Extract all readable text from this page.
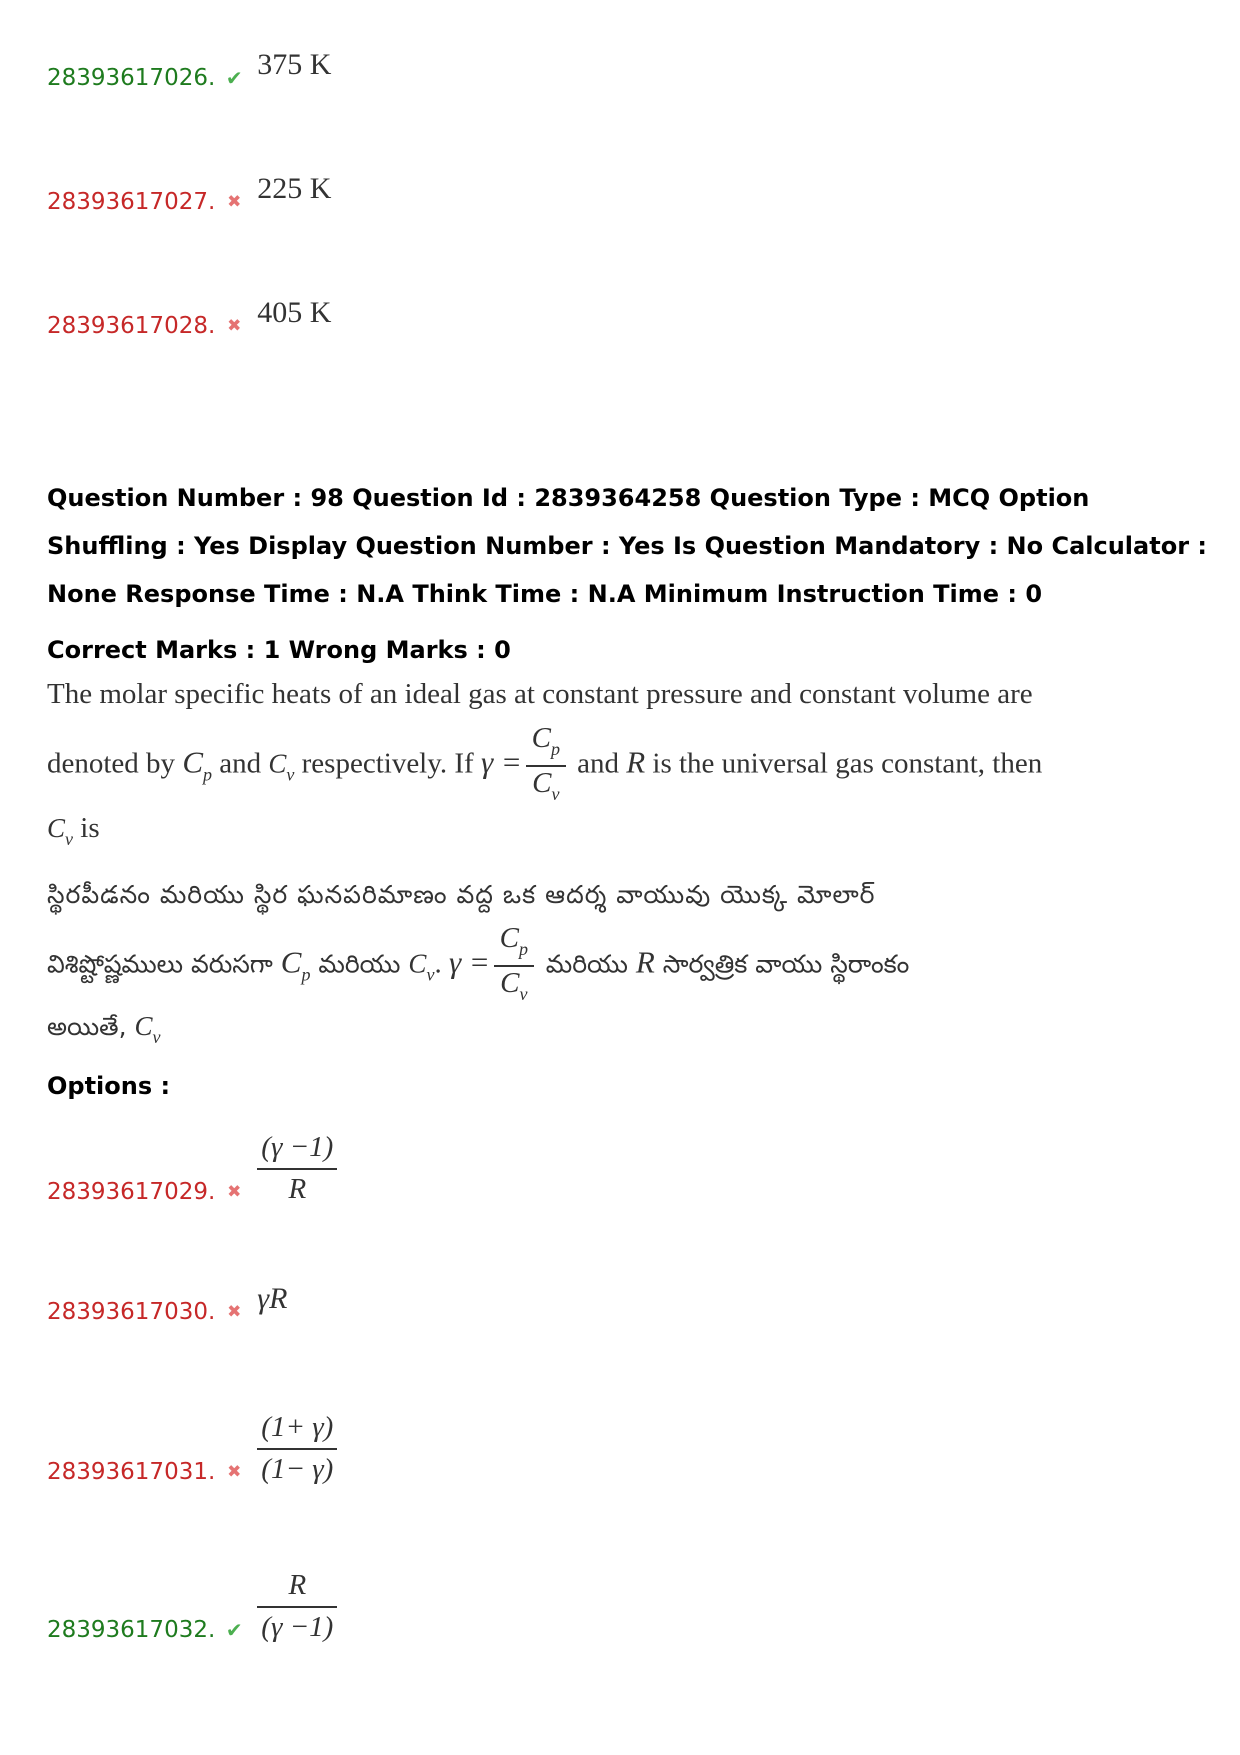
28393617026. ✔ 375 K
28393617027. ✖ 225 K
28393617028. ✖ 405 K
Question Number : 98 Question Id : 2839364258 Question Type : MCQ Option Shuffling : Yes Display Question Number : Yes Is Question Mandatory : No Calculator : None Response Time : N.A Think Time : N.A Minimum Instruction Time : 0
Correct Marks : 1 Wrong Marks : 0
The molar specific heats of an ideal gas at constant pressure and constant volume are
denoted by $C_p$ and $C_v$ respectively. If $\gamma = \frac{C_p}{C_v}$ and R is the universal gas constant, then
$C_v$ is
స్థిరపీడనం మరియు స్థిర ఘనపరిమాణం వద్ద ఒక ఆదర్శ వాయువు యొక్క మోలార్
విశిష్టోష్ణములు వరుసగా $C_p$ మరియు $C_v$. $\gamma = \frac{C_p}{C_v}$ మరియు R సార్వత్రిక వాయు స్థిరాంకం
అయితే, $C_v$
Options :
28393617029. ✖ $\frac{(\gamma -1)}{R}$
28393617030. ✖ γR
28393617031. ✖ $\frac{(1+ \gamma)}{(1- \gamma)}$
28393617032. ✔ $\frac{R}{(\gamma -1)}$
